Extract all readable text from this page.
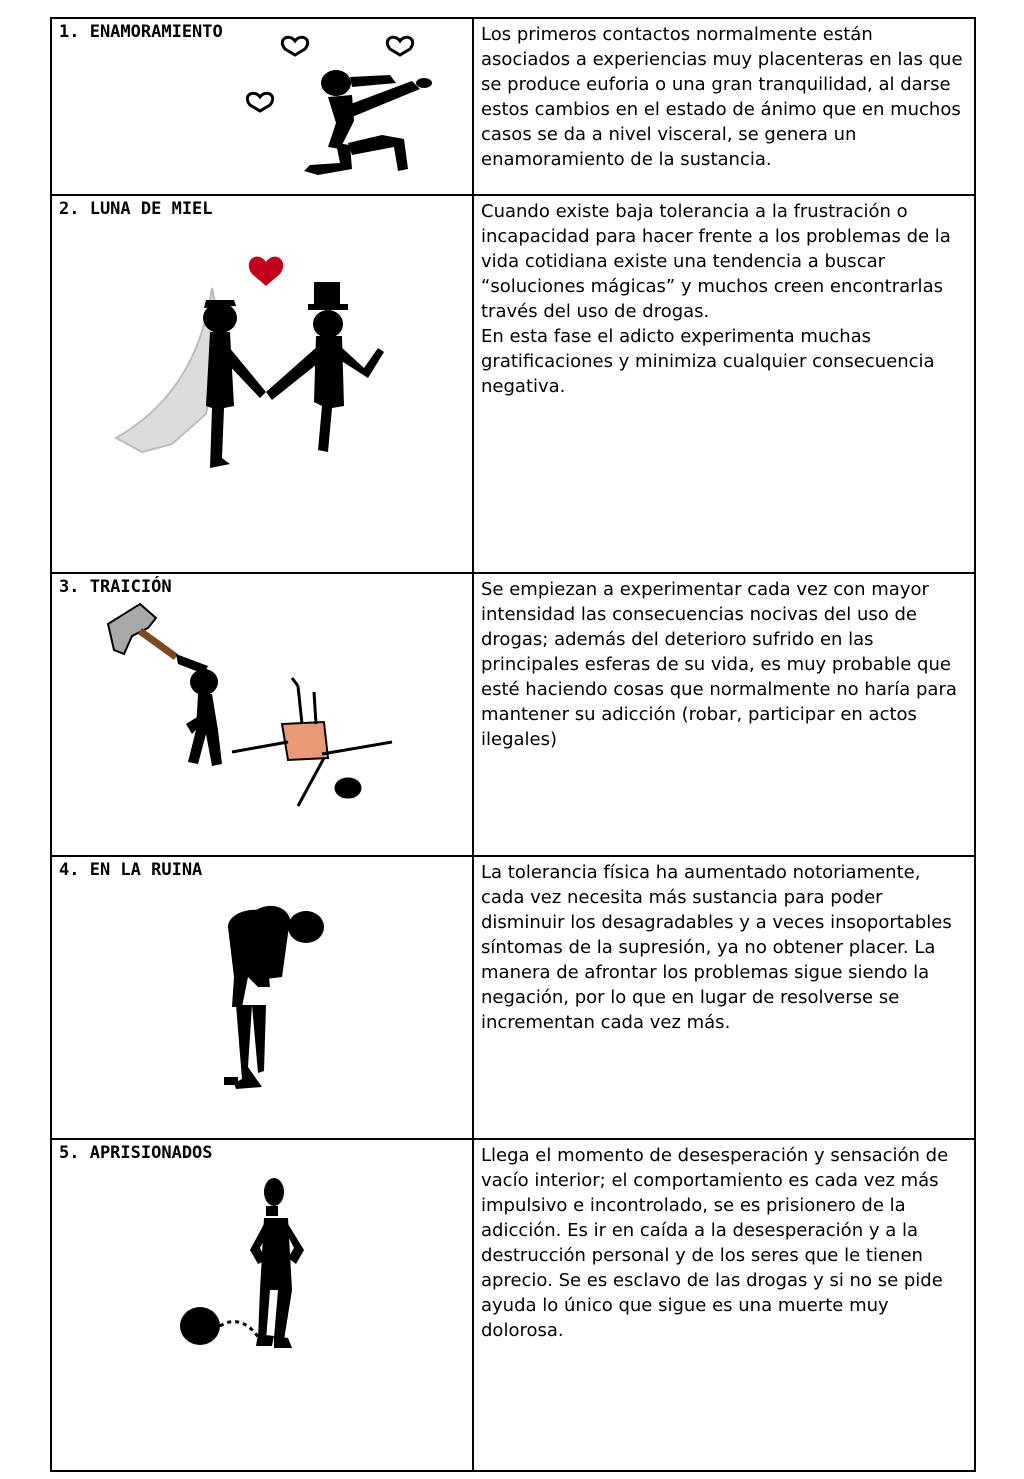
1. ENAMORAMIENTO	Los primeros contactos normalmente están asociados a experiencias muy placenteras en las que se produce euforia o una gran tranquilidad, al darse estos cambios en el estado de ánimo que en muchos casos se da a nivel visceral, se genera un enamoramiento de la sustancia.

2. LUNA DE MIEL	Cuando existe baja tolerancia a la frustración o incapacidad para hacer frente a los problemas de la vida cotidiana existe una tendencia a buscar “soluciones mágicas” y muchos creen encontrarlas través del uso de drogas.
En esta fase el adicto experimenta muchas gratificaciones y minimiza cualquier consecuencia negativa.

3. TRAICIÓN	Se empiezan a experimentar cada vez con mayor intensidad las consecuencias nocivas del uso de drogas; además del deterioro sufrido en las principales esferas de su vida, es muy probable que esté haciendo cosas que normalmente no haría para mantener su adicción (robar, participar en actos ilegales)

4. EN LA RUINA	La tolerancia física ha aumentado notoriamente, cada vez necesita más sustancia para poder disminuir los desagradables y a veces insoportables síntomas de la supresión, ya no obtener placer. La manera de afrontar los problemas sigue siendo la negación, por lo que en lugar de resolverse se incrementan cada vez más.

5. APRISIONADOS	Llega el momento de desesperación y sensación de vacío interior; el comportamiento es cada vez más impulsivo e incontrolado, se es prisionero de la adicción. Es ir en caída a la desesperación y a la destrucción personal y de los seres que le tienen aprecio. Se es esclavo de las drogas y si no se pide ayuda lo único que sigue es una muerte muy dolorosa.
